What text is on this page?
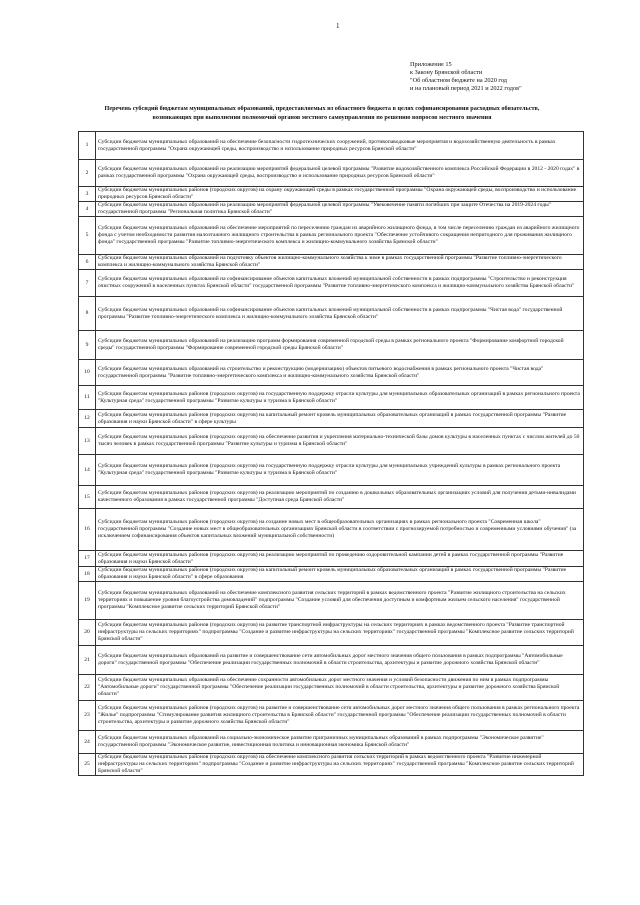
1
Приложение 15
к Закону Брянской области
"Об областном бюджете на 2020 год
и на плановый период 2021 и 2022 годов"
Перечень субсидий бюджетам муниципальных образований, предоставляемых из областного бюджета в целях софинансирования расходных обязательств,
возникающих при выполнении полномочий органов местного самоуправления по решению вопросов местного значения
1	Субсидии бюджетам муниципальных образований на обеспечение безопасности гидротехнических сооружений, противопаводковые мероприятия и водохозяйственную деятельность в рамках государственной программы "Охрана окружающей среды, воспроизводство и использование природных ресурсов Брянской области"
2	Субсидии бюджетам муниципальных образований на реализацию мероприятий федеральной целевой программы "Развитие водохозяйственного комплекса Российской Федерации в 2012 - 2020 годах" в рамках государственной программы "Охрана окружающей среды, воспроизводство и использование природных ресурсов Брянской области"
3	Субсидии бюджетам муниципальных районов (городских округов) на охрану окружающей среды в рамках государственной программы "Охрана окружающей среды, воспроизводство и использование природных ресурсов Брянской области"
4	Субсидии бюджетам муниципальных образований на реализацию мероприятий федеральной целевой программы "Увековечение памяти погибших при защите Отечества на 2019-2024 годы" государственной программы "Региональная политика Брянской области"
5	Субсидии бюджетам муниципальных образований на обеспечение мероприятий по переселению граждан из аварийного жилищного фонда, в том числе переселению граждан из аварийного жилищного фонда с учетом необходимости развития малоэтажного жилищного строительства в рамках регионального проекта "Обеспечение устойчивого сокращения непригодного для проживания жилищного фонда" государственной программы "Развитие топливно-энергетического комплекса и жилищно-коммунального хозяйства Брянской области"
6	Субсидии бюджетам муниципальных образований на подготовку объектов жилищно-коммунального хозяйства к зиме в рамках государственной программы "Развитие топливно-энергетического комплекса и жилищно-коммунального хозяйства Брянской области"
7	Субсидии бюджетам муниципальных образований на софинансирование объектов капитальных вложений муниципальной собственности в рамках подпрограммы "Строительство и реконструкция очистных сооружений в населенных пунктах Брянской области" государственной программы "Развитие топливно-энергетического комплекса и жилищно-коммунального хозяйства Брянской области"
8	Субсидии бюджетам муниципальных образований на софинансирование объектов капитальных вложений муниципальной собственности в рамках подпрограммы "Чистая вода" государственной программы "Развитие топливно-энергетического комплекса и жилищно-коммунального хозяйства Брянской области"
9	Субсидии бюджетам муниципальных образований на реализацию программ формирования современной городской среды в рамках регионального проекта "Формирование комфортной городской среды" государственной программы "Формирование современной городской среды Брянской области"
10	Субсидии бюджетам муниципальных образований на строительство и реконструкцию (модернизацию) объектов питьевого водоснабжения в рамках регионального проекта "Чистая вода" государственной программы "Развитие топливно-энергетического комплекса и жилищно-коммунального хозяйства Брянской области"
11	Субсидии бюджетам муниципальных районов (городских округов) на государственную поддержку отрасли культуры для муниципальных образовательных организаций в рамках регионального проекта "Культурная среда" государственной программы "Развитие культуры и туризма в Брянской области"
12	Субсидии бюджетам муниципальных районов (городских округов) на капитальный ремонт кровель муниципальных образовательных организаций в рамках государственной программы "Развитие образования и науки Брянской области" в сфере культуры
13	Субсидии бюджетам муниципальных районов (городских округов) на обеспечение развития и укрепления материально-технической базы домов культуры в населенных пунктах с числом жителей до 50 тысяч человек в рамках государственной программы "Развитие культуры и туризма в Брянской области"
14	Субсидии бюджетам муниципальных районов (городских округов) на государственную поддержку отрасли культуры для муниципальных учреждений культуры в рамках регионального проекта "Культурная среда" государственной программы "Развитие культуры и туризма в Брянской области"
15	Субсидии бюджетам муниципальных районов (городских округов) на реализацию мероприятий по созданию в дошкольных образовательных организациях условий для получения детьми-инвалидами качественного образования в рамках государственной программы "Доступная среда Брянской области"
16	Субсидии бюджетам муниципальных районов (городских округов) на создание новых мест в общеобразовательных организациях в рамках регионального проекта "Современная школа" государственной программы "Создание новых мест в общеобразовательных организациях Брянской области в соответствии с прогнозируемой потребностью и современными условиями обучения" (за исключением софинансирования объектов капитальных вложений муниципальной собственности)
17	Субсидии бюджетам муниципальных районов (городских округов) на реализацию мероприятий по проведению оздоровительной кампании детей в рамках государственной программы "Развитие образования и науки Брянской области"
18	Субсидии бюджетам муниципальных районов (городских округов) на капитальный ремонт кровель муниципальных образовательных организаций в рамках государственной программы "Развитие образования и науки Брянской области" в сфере образования
19	Субсидии бюджетам муниципальных образований на обеспечение комплексного развития сельских территорий в рамках ведомственного проекта "Развитие жилищного строительства на сельских территориях и повышение уровня благоустройства домовладений" подпрограммы "Создание условий для обеспечения доступным и комфортным жильем сельского населения" государственной программы "Комплексное развитие сельских территорий Брянской области"
20	Субсидии бюджетам муниципальных районов (городских округов) на развитие транспортной инфраструктуры на сельских территориях в рамках ведомственного проекта "Развитие транспортной инфраструктуры на сельских территориях" подпрограммы "Создание и развитие инфраструктуры на сельских территориях" государственной программы "Комплексное развитие сельских территорий Брянской области"
21	Субсидии бюджетам муниципальных образований на развитие и совершенствование сети автомобильных дорог местного значения общего пользования в рамках подпрограммы "Автомобильные дороги" государственной программы "Обеспечение реализации государственных полномочий в области строительства, архитектуры и развитие дорожного хозяйства Брянской области"
22	Субсидии бюджетам муниципальных образований на обеспечение сохранности автомобильных дорог местного значения и условий безопасности движения по ним в рамках подпрограммы "Автомобильные дороги" государственной программы "Обеспечение реализации государственных полномочий в области строительства, архитектуры и развитие дорожного хозяйства Брянской области"
23	Субсидии бюджетам муниципальных районов (городских округов) на развитие и совершенствование сети автомобильных дорог местного значения общего пользования в рамках регионального проекта "Жилье" подпрограммы "Стимулирование развития жилищного строительства в Брянской области" государственной программы "Обеспечение реализации государственных полномочий в области строительства, архитектуры и развитие дорожного хозяйства Брянской области"
24	Субсидии бюджетам муниципальных образований на социально-экономическое развитие приграничных муниципальных образований в рамках подпрограммы "Экономическое развитие" государственной программы "Экономическое развитие, инвестиционная политика и инновационная экономика Брянской области"
25	Субсидии бюджетам муниципальных районов (городских округов) на обеспечение комплексного развития сельских территорий в рамках ведомственного проекта "Развитие инженерной инфраструктуры на сельских территориях" подпрограммы "Создание и развитие инфраструктуры на сельских территориях" государственной программы "Комплексное развитие сельских территорий Брянской области"
